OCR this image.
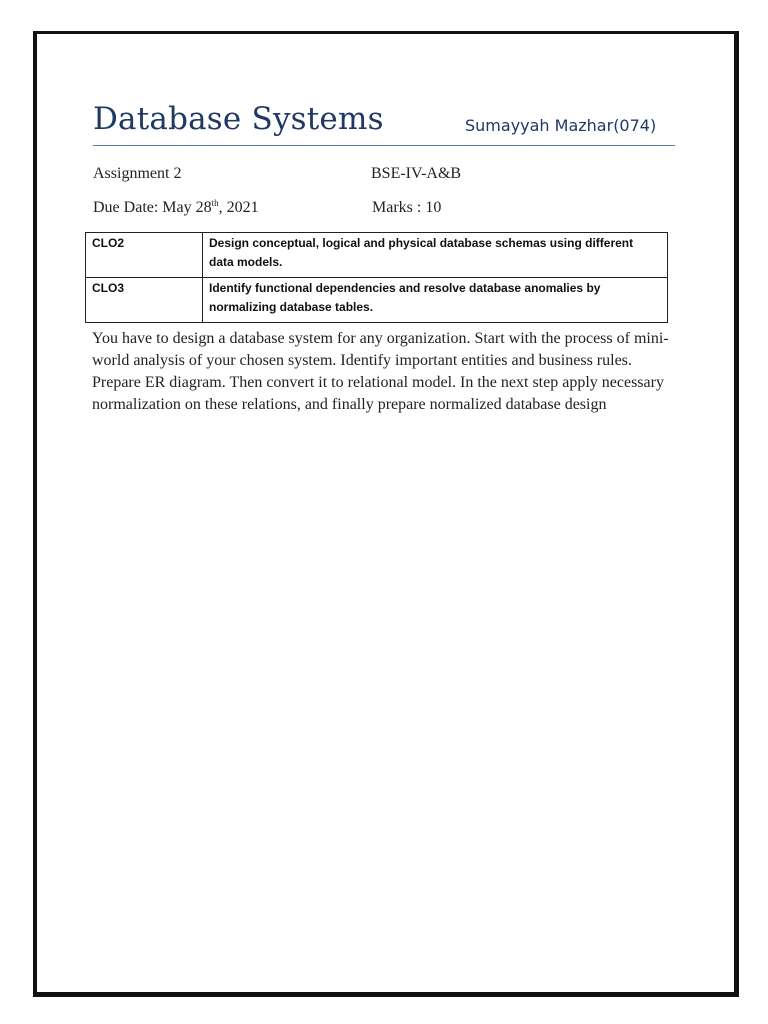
Database Systems	Sumayyah Mazhar(074)
Assignment 2	BSE-IV-A&B
Due Date: May 28th, 2021	Marks : 10
CLO2	Design conceptual, logical and physical database schemas using different data models.
CLO3	Identify functional dependencies and resolve database anomalies by normalizing database tables.
You have to design a database system for any organization. Start with the process of mini-world analysis of your chosen system. Identify important entities and business rules. Prepare ER diagram. Then convert it to relational model. In the next step apply necessary normalization on these relations, and finally prepare normalized database design
